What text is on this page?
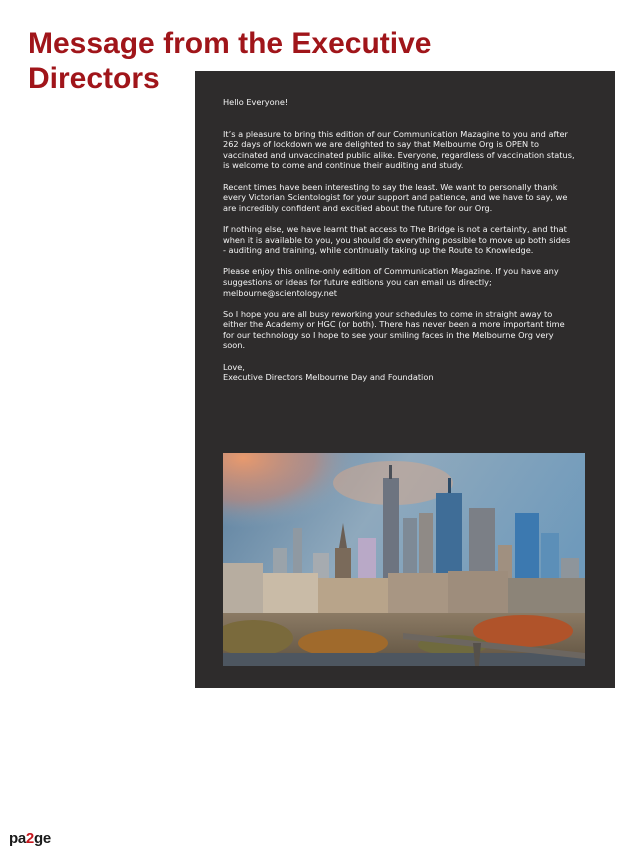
Message from the Executive Directors

Hello Everyone!

It’s a pleasure to bring this edition of our Communication Mazagine to you and after 262 days of lockdown we are delighted to say that Melbourne Org is OPEN to vaccinated and unvaccinated public alike. Everyone, regardless of vaccination status, is welcome to come and continue their auditing and study.

Recent times have been interesting to say the least. We want to personally thank every Victorian Scientologist for your support and patience, and we have to say, we are incredibly confident and excitied about the future for our Org.

If nothing else, we have learnt that access to The Bridge is not a certainty, and that when it is available to you, you should do everything possible to move up both sides - auditing and training, while continually taking up the Route to Knowledge.

Please enjoy this online-only edition of Communication Magazine. If you have any suggestions or ideas for future editions you can email us directly; melbourne@scientology.net

So I hope you are all busy reworking your schedules to come in straight away to either the Academy or HGC (or both). There has never been a more important time for our technology so I hope to see your smiling faces in the Melbourne Org very soon.

Love,
Executive Directors Melbourne Day and Foundation

pa2ge
